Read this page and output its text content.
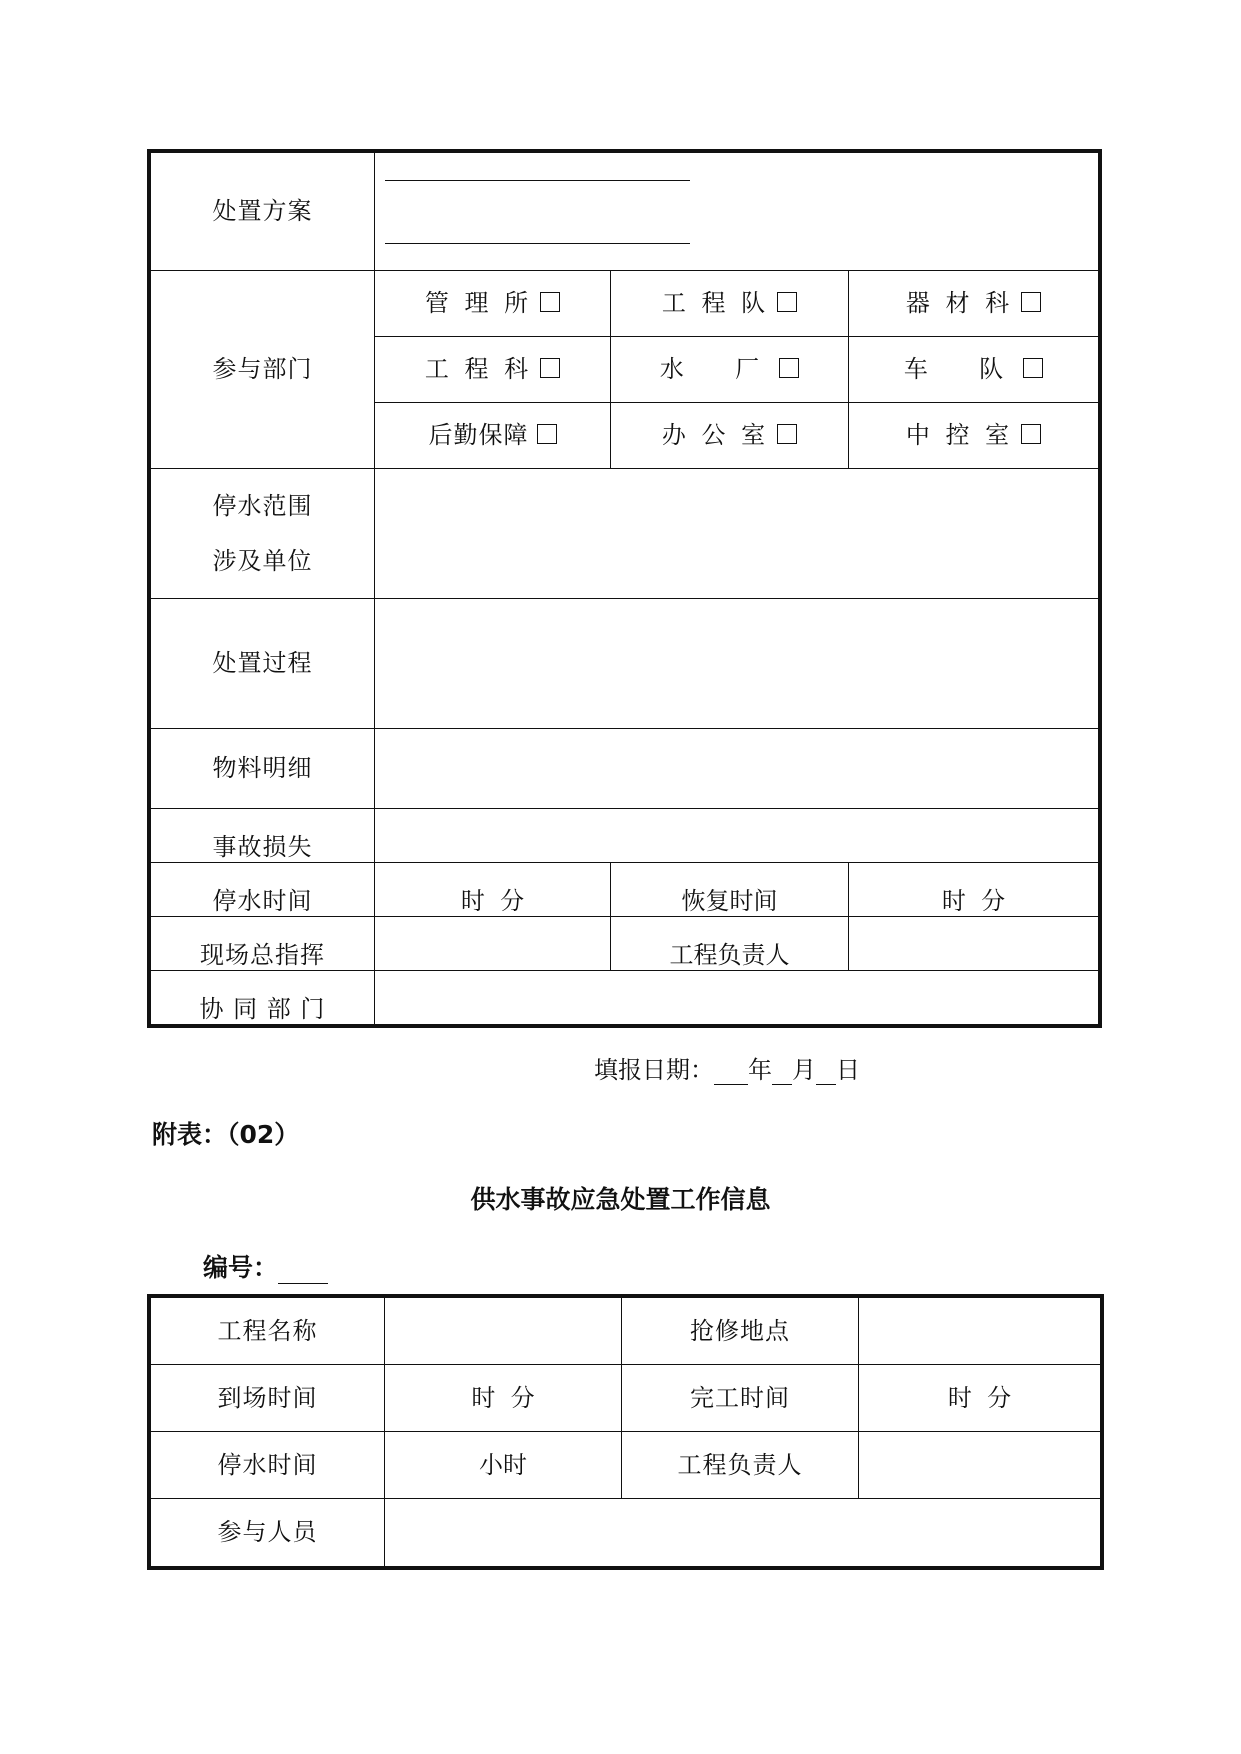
处置方案			

参与部门	管 理 所	工 程 队	器 材 科
	工 程 科	水  厂	车  队
	后勤保障	办 公 室	中 控 室

停水范围
涉及单位			

处置过程			
物料明细			
事故损失			
停水时间	时  分	恢复时间	时  分
现场总指挥		工程负责人	
协 同 部 门			
填报日期： 年 月 日
附表：（02）
供水事故应急处置工作信息
编号：
工程名称		抢修地点	
到场时间	时  分	完工时间	时  分
停水时间	小时	工程负责人	
参与人员			
